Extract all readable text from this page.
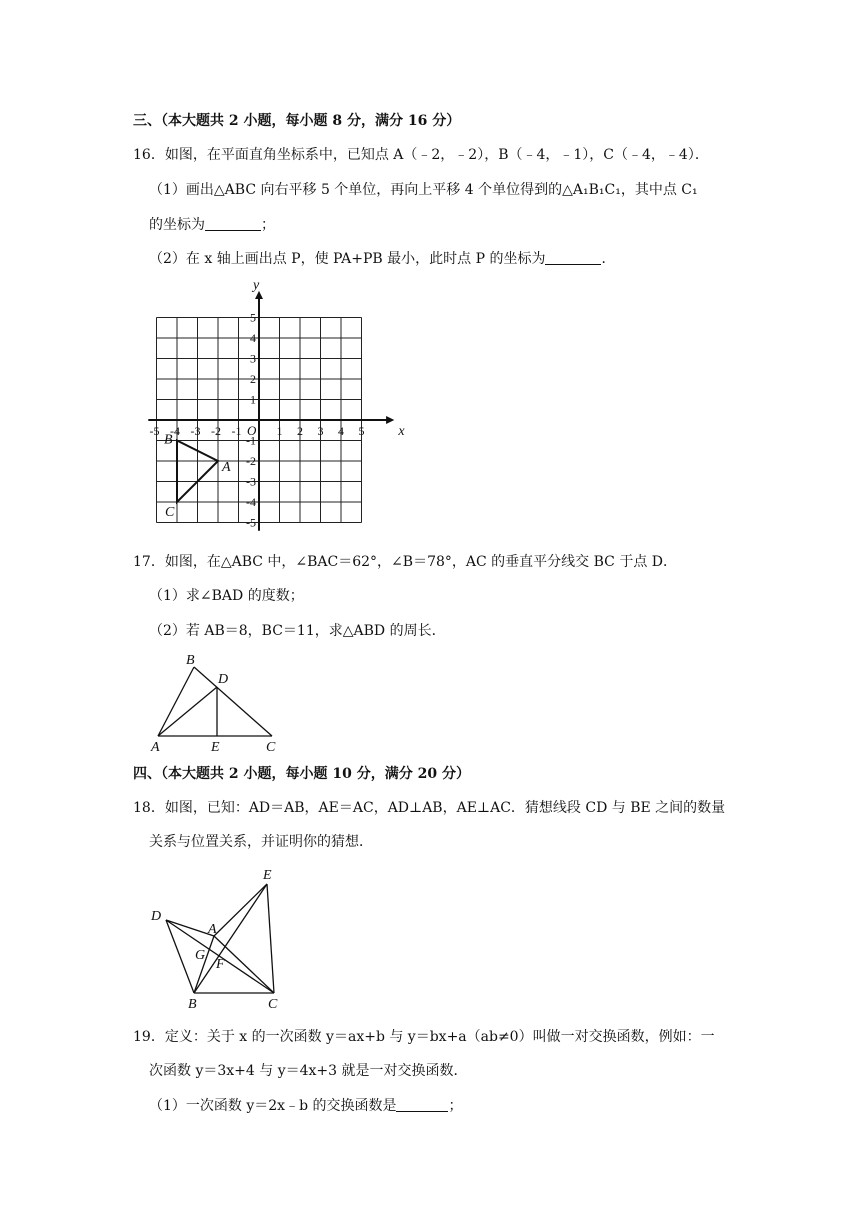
三、（本大题共 2 小题，每小题 8 分，满分 16 分）
16．如图，在平面直角坐标系中，已知点 A（﹣2，﹣2），B（﹣4，﹣1），C（﹣4，﹣4）．
（1）画出△ABC 向右平移 5 个单位，再向上平移 4 个单位得到的△A₁B₁C₁，其中点 C₁
的坐标为	；
（2）在 x 轴上画出点 P，使 PA+PB 最小，此时点 P 的坐标为	．
x
y
O
-5 -4 -3 -2 -1	1 2 3 4 5
5
4
3
2
1
-1
-2
-3
-4
-5
A
B
C
17．如图，在△ABC 中，∠BAC＝62°，∠B＝78°，AC 的垂直平分线交 BC 于点 D．
（1）求∠BAD 的度数；
（2）若 AB＝8，BC＝11，求△ABD 的周长．
B
D
A	E	C
四、（本大题共 2 小题，每小题 10 分，满分 20 分）
18．如图，已知：AD＝AB，AE＝AC，AD⊥AB，AE⊥AC．猜想线段 CD 与 BE 之间的数量
关系与位置关系，并证明你的猜想．
D
E
A
G
F
B	C
19．定义：关于 x 的一次函数 y＝ax+b 与 y＝bx+a（ab≠0）叫做一对交换函数，例如：一
次函数 y＝3x+4 与 y＝4x+3 就是一对交换函数．
（1）一次函数 y＝2x﹣b 的交换函数是	；
